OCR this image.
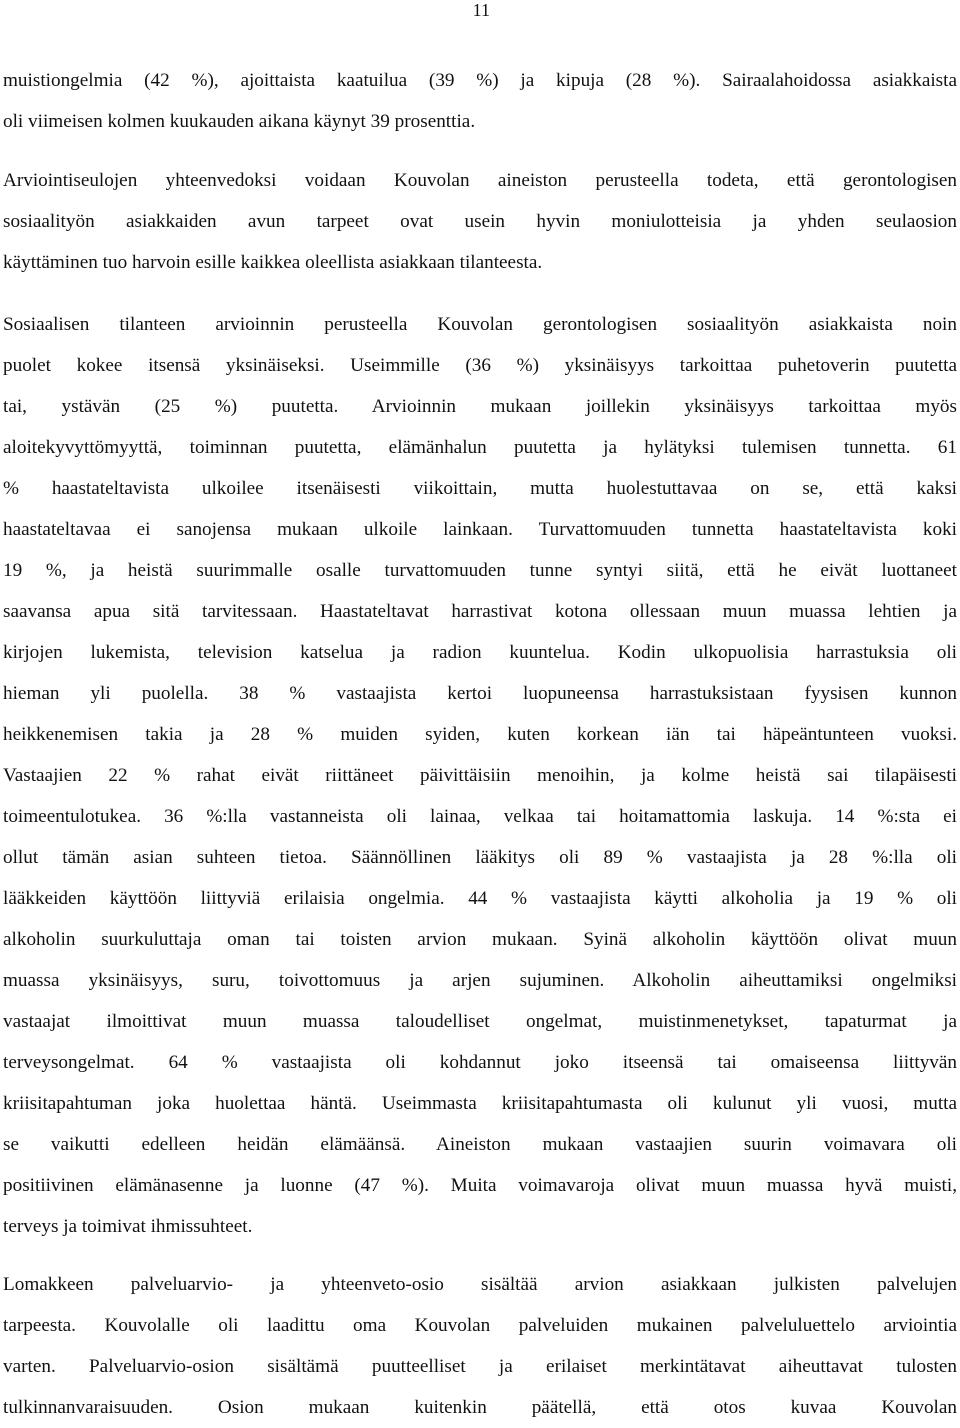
11
muistiongelmia (42 %), ajoittaista kaatuilua (39 %) ja kipuja (28 %). Sairaalahoidossa asiakkaista
oli viimeisen kolmen kuukauden aikana käynyt 39 prosenttia.
Arviointiseulojen yhteenvedoksi voidaan Kouvolan aineiston perusteella todeta, että gerontologisen
sosiaalityön asiakkaiden avun tarpeet ovat usein hyvin moniulotteisia ja yhden seulaosion
käyttäminen tuo harvoin esille kaikkea oleellista asiakkaan tilanteesta.
Sosiaalisen tilanteen arvioinnin perusteella Kouvolan gerontologisen sosiaalityön asiakkaista noin
puolet kokee itsensä yksinäiseksi. Useimmille (36 %) yksinäisyys tarkoittaa puhetoverin puutetta
tai, ystävän (25 %) puutetta. Arvioinnin mukaan joillekin yksinäisyys tarkoittaa myös
aloitekyvyttömyyttä, toiminnan puutetta, elämänhalun puutetta ja hylätyksi tulemisen tunnetta. 61
% haastateltavista ulkoilee itsenäisesti viikoittain, mutta huolestuttavaa on se, että kaksi
haastateltavaa ei sanojensa mukaan ulkoile lainkaan. Turvattomuuden tunnetta haastateltavista koki
19 %, ja heistä suurimmalle osalle turvattomuuden tunne syntyi siitä, että he eivät luottaneet
saavansa apua sitä tarvitessaan. Haastateltavat harrastivat kotona ollessaan muun muassa lehtien ja
kirjojen lukemista, television katselua ja radion kuuntelua. Kodin ulkopuolisia harrastuksia oli
hieman yli puolella. 38 % vastaajista kertoi luopuneensa harrastuksistaan fyysisen kunnon
heikkenemisen takia ja 28 % muiden syiden, kuten korkean iän tai häpeäntunteen vuoksi.
Vastaajien 22 % rahat eivät riittäneet päivittäisiin menoihin, ja kolme heistä sai tilapäisesti
toimeentulotukea. 36 %:lla vastanneista oli lainaa, velkaa tai hoitamattomia laskuja. 14 %:sta ei
ollut tämän asian suhteen tietoa. Säännöllinen lääkitys oli 89 % vastaajista ja 28 %:lla oli
lääkkeiden käyttöön liittyviä erilaisia ongelmia. 44 % vastaajista käytti alkoholia ja 19 % oli
alkoholin suurkuluttaja oman tai toisten arvion mukaan. Syinä alkoholin käyttöön olivat muun
muassa yksinäisyys, suru, toivottomuus ja arjen sujuminen. Alkoholin aiheuttamiksi ongelmiksi
vastaajat ilmoittivat muun muassa taloudelliset ongelmat, muistinmenetykset, tapaturmat ja
terveysongelmat. 64 % vastaajista oli kohdannut joko itseensä tai omaiseensa liittyvän
kriisitapahtuman joka huolettaa häntä. Useimmasta kriisitapahtumasta oli kulunut yli vuosi, mutta
se vaikutti edelleen heidän elämäänsä. Aineiston mukaan vastaajien suurin voimavara oli
positiivinen elämänasenne ja luonne (47 %). Muita voimavaroja olivat muun muassa hyvä muisti,
terveys ja toimivat ihmissuhteet.
Lomakkeen palveluarvio- ja yhteenveto-osio sisältää arvion asiakkaan julkisten palvelujen
tarpeesta. Kouvolalle oli laadittu oma Kouvolan palveluiden mukainen palveluluettelo arviointia
varten. Palveluarvio-osion sisältämä puutteelliset ja erilaiset merkintätavat aiheuttavat tulosten
tulkinnanvaraisuuden. Osion mukaan kuitenkin päätellä, että otos kuvaa Kouvolan
